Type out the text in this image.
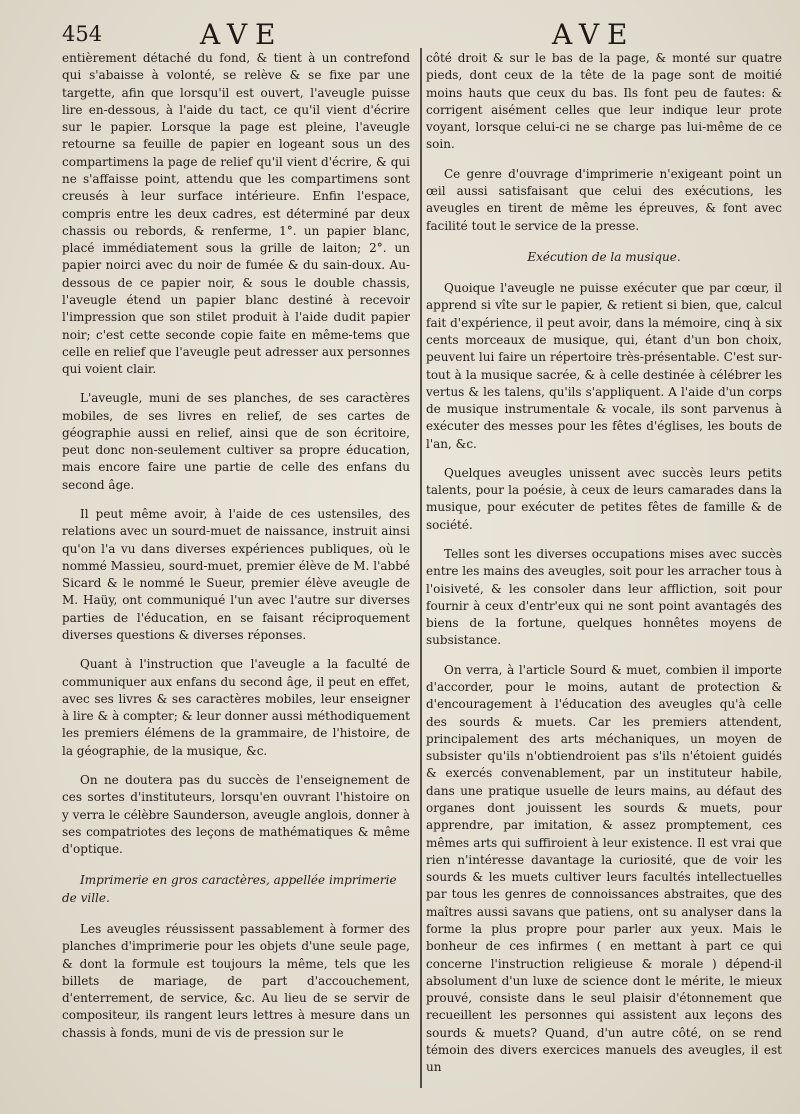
454	AVE	AVE

entièrement détaché du fond, & tient à un contrefond qui s'abaisse à volonté, se relève & se fixe par une targette, afin que lorsqu'il est ouvert, l'aveugle puisse lire en-dessous, à l'aide du tact, ce qu'il vient d'écrire sur le papier. Lorsque la page est pleine, l'aveugle retourne sa feuille de papier en logeant sous un des compartimens la page de relief qu'il vient d'écrire, & qui ne s'affaisse point, attendu que les compartimens sont creusés à leur surface intérieure. Enfin l'espace, compris entre les deux cadres, est déterminé par deux chassis ou rebords, & renferme, 1°. un papier blanc, placé immédiatement sous la grille de laiton; 2°. un papier noirci avec du noir de fumée & du sain-doux. Au-dessous de ce papier noir, & sous le double chassis, l'aveugle étend un papier blanc destiné à recevoir l'impression que son stilet produit à l'aide dudit papier noir; c'est cette seconde copie faite en même-tems que celle en relief que l'aveugle peut adresser aux personnes qui voient clair.

L'aveugle, muni de ses planches, de ses caractères mobiles, de ses livres en relief, de ses cartes de géographie aussi en relief, ainsi que de son écritoire, peut donc non-seulement cultiver sa propre éducation, mais encore faire une partie de celle des enfans du second âge.

Il peut même avoir, à l'aide de ces ustensiles, des relations avec un sourd-muet de naissance, instruit ainsi qu'on l'a vu dans diverses expériences publiques, où le nommé Massieu, sourd-muet, premier élève de M. l'abbé Sicard & le nommé le Sueur, premier élève aveugle de M. Haüy, ont communiqué l'un avec l'autre sur diverses parties de l'éducation, en se faisant réciproquement diverses questions & diverses réponses.

Quant à l'instruction que l'aveugle a la faculté de communiquer aux enfans du second âge, il peut en effet, avec ses livres & ses caractères mobiles, leur enseigner à lire & à compter; & leur donner aussi méthodiquement les premiers élémens de la grammaire, de l'histoire, de la géographie, de la musique, &c.

On ne doutera pas du succès de l'enseignement de ces sortes d'instituteurs, lorsqu'en ouvrant l'histoire on y verra le célèbre Saunderson, aveugle anglois, donner à ses compatriotes des leçons de mathématiques & même d'optique.

Imprimerie en gros caractères, appellée imprimerie de ville.

Les aveugles réussissent passablement à former des planches d'imprimerie pour les objets d'une seule page, & dont la formule est toujours la même, tels que les billets de mariage, de part d'accouchement, d'enterrement, de service, &c. Au lieu de se servir de compositeur, ils rangent leurs lettres à mesure dans un chassis à fonds, muni de vis de pression sur le

côté droit & sur le bas de la page, & monté sur quatre pieds, dont ceux de la tête de la page sont de moitié moins hauts que ceux du bas. Ils font peu de fautes: & corrigent aisément celles que leur indique leur prote voyant, lorsque celui-ci ne se charge pas lui-même de ce soin.

Ce genre d'ouvrage d'imprimerie n'exigeant point un œil aussi satisfaisant que celui des exécutions, les aveugles en tirent de même les épreuves, & font avec facilité tout le service de la presse.

Exécution de la musique.

Quoique l'aveugle ne puisse exécuter que par cœur, il apprend si vîte sur le papier, & retient si bien, que, calcul fait d'expérience, il peut avoir, dans la mémoire, cinq à six cents morceaux de musique, qui, étant d'un bon choix, peuvent lui faire un répertoire très-présentable. C'est sur-tout à la musique sacrée, & à celle destinée à célébrer les vertus & les talens, qu'ils s'appliquent. A l'aide d'un corps de musique instrumentale & vocale, ils sont parvenus à exécuter des messes pour les fêtes d'églises, les bouts de l'an, &c.

Quelques aveugles unissent avec succès leurs petits talents, pour la poésie, à ceux de leurs camarades dans la musique, pour exécuter de petites fêtes de famille & de société.

Telles sont les diverses occupations mises avec succès entre les mains des aveugles, soit pour les arracher tous à l'oisiveté, & les consoler dans leur affliction, soit pour fournir à ceux d'entr'eux qui ne sont point avantagés des biens de la fortune, quelques honnêtes moyens de subsistance.

On verra, à l'article Sourd & muet, combien il importe d'accorder, pour le moins, autant de protection & d'encouragement à l'éducation des aveugles qu'à celle des sourds & muets. Car les premiers attendent, principalement des arts méchaniques, un moyen de subsister qu'ils n'obtiendroient pas s'ils n'étoient guidés & exercés convenablement, par un instituteur habile, dans une pratique usuelle de leurs mains, au défaut des organes dont jouissent les sourds & muets, pour apprendre, par imitation, & assez promptement, ces mêmes arts qui suffiroient à leur existence. Il est vrai que rien n'intéresse davantage la curiosité, que de voir les sourds & les muets cultiver leurs facultés intellectuelles par tous les genres de connoissances abstraites, que des maîtres aussi savans que patiens, ont su analyser dans la forme la plus propre pour parler aux yeux. Mais le bonheur de ces infirmes ( en mettant à part ce qui concerne l'instruction religieuse & morale ) dépend-il absolument d'un luxe de science dont le mérite, le mieux prouvé, consiste dans le seul plaisir d'étonnement que recueillent les personnes qui assistent aux leçons des sourds & muets? Quand, d'un autre côté, on se rend témoin des divers exercices manuels des aveugles, il est un
